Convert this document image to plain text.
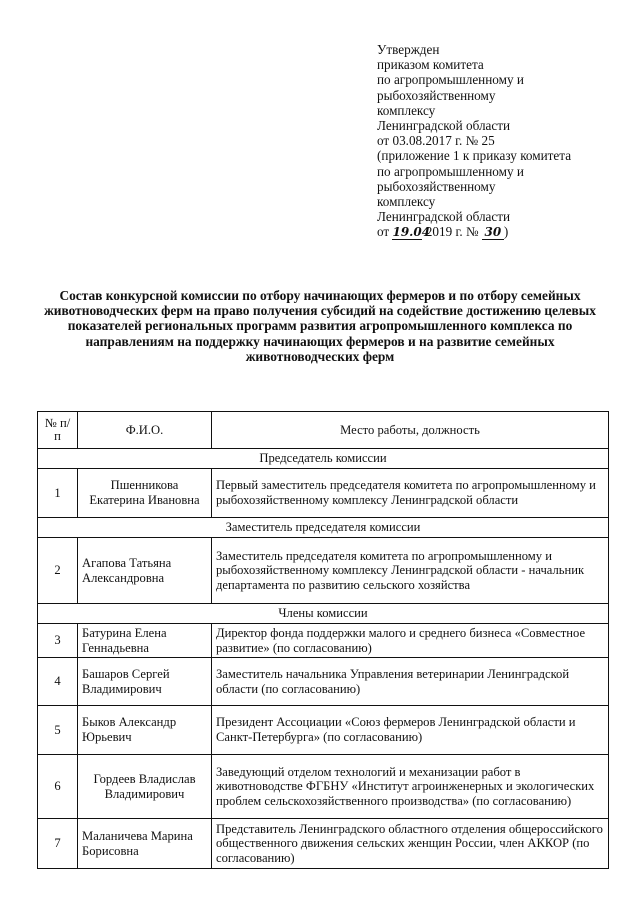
Утвержден
приказом комитета
по агропромышленному и
рыбохозяйственному
комплексу
Ленинградской области
от 03.08.2017 г. № 25
(приложение 1 к приказу комитета
по агропромышленному и
рыбохозяйственному
комплексу
Ленинградской области
от 19.04 2019 г. № 30 )
Состав конкурсной комиссии по отбору начинающих фермеров и по отбору семейных животноводческих ферм на право получения субсидий на содействие достижению целевых показателей региональных программ развития агропромышленного комплекса по направлениям на поддержку начинающих фермеров и на развитие семейных животноводческих ферм
№ п/п	Ф.И.О.	Место работы, должность
Председатель комиссии		
1	Пшенникова Екатерина Ивановна	Первый заместитель председателя комитета по агропромышленному и рыбохозяйственному комплексу Ленинградской области
Заместитель председателя комиссии		
2	Агапова Татьяна Александровна	Заместитель председателя комитета по агропромышленному и рыбохозяйственному комплексу Ленинградской области - начальник департамента по развитию сельского хозяйства
Члены комиссии		
3	Батурина Елена Геннадьевна	Директор фонда поддержки малого и среднего бизнеса «Совместное развитие» (по согласованию)
4	Башаров Сергей Владимирович	Заместитель начальника Управления ветеринарии Ленинградской области (по согласованию)
5	Быков Александр Юрьевич	Президент Ассоциации «Союз фермеров Ленинградской области и Санкт-Петербурга» (по согласованию)
6	Гордеев Владислав Владимирович	Заведующий отделом технологий и механизации работ в животноводстве ФГБНУ «Институт агроинженерных и экологических проблем сельскохозяйственного производства» (по согласованию)
7	Маланичева Марина Борисовна	Представитель Ленинградского областного отделения общероссийского общественного движения сельских женщин России, член АККОР (по согласованию)
